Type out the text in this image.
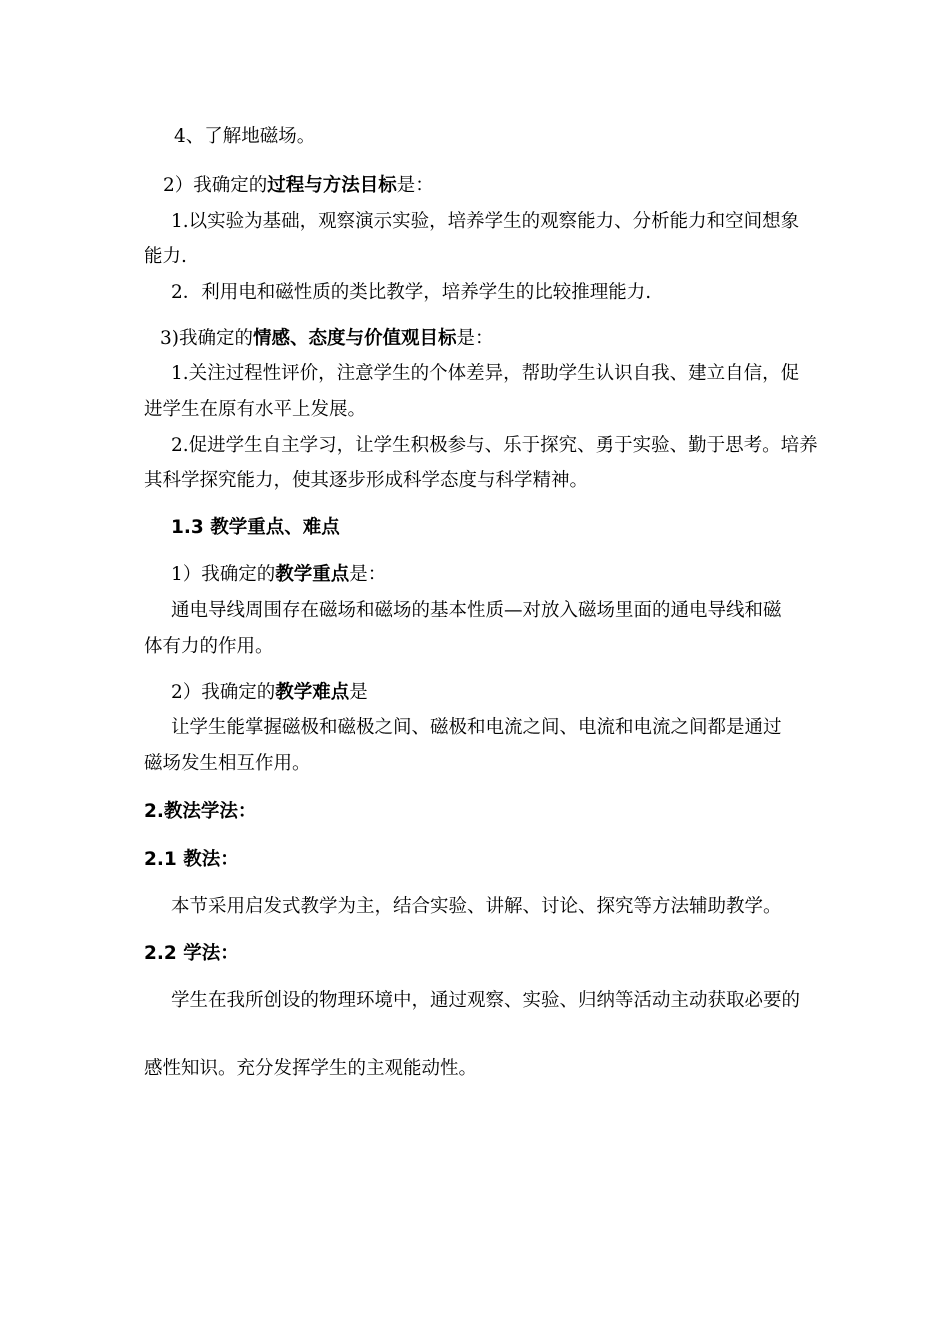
4、了解地磁场。

2）我确定的过程与方法目标是：

1.以实验为基础，观察演示实验，培养学生的观察能力、分析能力和空间想象

能力.

2．利用电和磁性质的类比教学，培养学生的比较推理能力.

3)我确定的情感、态度与价值观目标是：

1.关注过程性评价，注意学生的个体差异，帮助学生认识自我、建立自信，促

进学生在原有水平上发展。

2.促进学生自主学习，让学生积极参与、乐于探究、勇于实验、勤于思考。培养

其科学探究能力，使其逐步形成科学态度与科学精神。

1.3 教学重点、难点

1）我确定的教学重点是：

通电导线周围存在磁场和磁场的基本性质—对放入磁场里面的通电导线和磁

体有力的作用。

2）我确定的教学难点是

让学生能掌握磁极和磁极之间、磁极和电流之间、电流和电流之间都是通过

磁场发生相互作用。

2.教法学法：

2.1 教法：

本节采用启发式教学为主，结合实验、讲解、讨论、探究等方法辅助教学。

2.2 学法：

学生在我所创设的物理环境中，通过观察、实验、归纳等活动主动获取必要的

感性知识。充分发挥学生的主观能动性。
